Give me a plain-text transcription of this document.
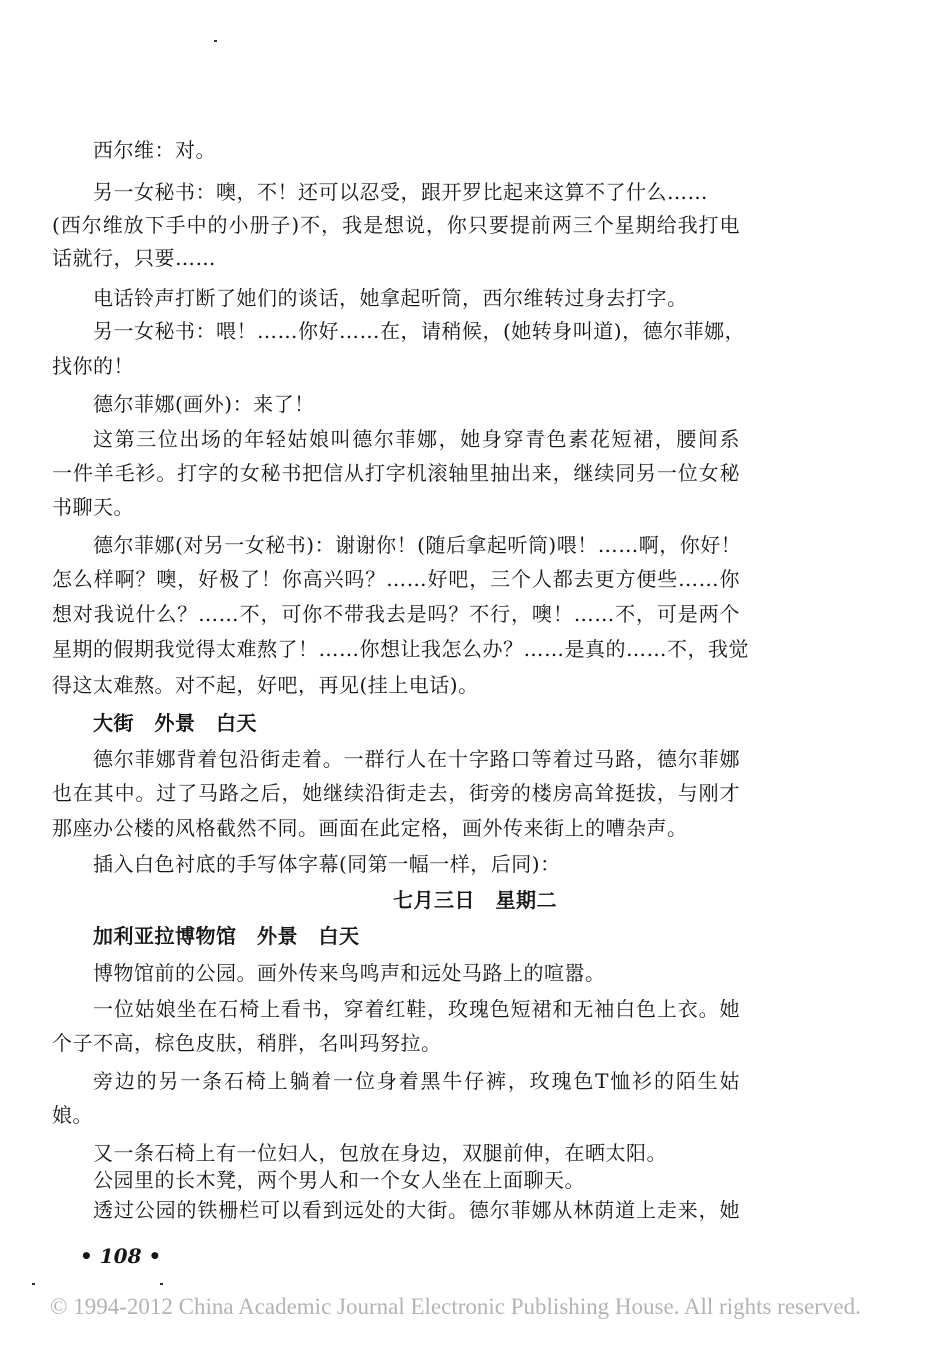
西尔维：对。
另一女秘书：噢，不！还可以忍受，跟开罗比起来这算不了什么……
(西尔维放下手中的小册子)不，我是想说，你只要提前两三个星期给我打电
话就行，只要……
电话铃声打断了她们的谈话，她拿起听筒，西尔维转过身去打字。
另一女秘书：喂！……你好……在，请稍候，(她转身叫道)，德尔菲娜，
找你的！
德尔菲娜(画外)：来了！
这第三位出场的年轻姑娘叫德尔菲娜，她身穿青色素花短裙，腰间系
一件羊毛衫。打字的女秘书把信从打字机滚轴里抽出来，继续同另一位女秘
书聊天。
德尔菲娜(对另一女秘书)：谢谢你！(随后拿起听筒)喂！……啊，你好！
怎么样啊？噢，好极了！你高兴吗？……好吧，三个人都去更方便些……你
想对我说什么？……不，可你不带我去是吗？不行，噢！……不，可是两个
星期的假期我觉得太难熬了！……你想让我怎么办？……是真的……不，我觉
得这太难熬。对不起，好吧，再见(挂上电话)。
大街　外景　白天
德尔菲娜背着包沿街走着。一群行人在十字路口等着过马路，德尔菲娜
也在其中。过了马路之后，她继续沿街走去，街旁的楼房高耸挺拔，与刚才
那座办公楼的风格截然不同。画面在此定格，画外传来街上的嘈杂声。
插入白色衬底的手写体字幕(同第一幅一样，后同)：
七月三日　星期二
加利亚拉博物馆　外景　白天
博物馆前的公园。画外传来鸟鸣声和远处马路上的喧嚣。
一位姑娘坐在石椅上看书，穿着红鞋，玫瑰色短裙和无袖白色上衣。她
个子不高，棕色皮肤，稍胖，名叫玛努拉。
旁边的另一条石椅上躺着一位身着黑牛仔裤，玫瑰色T恤衫的陌生姑
娘。
又一条石椅上有一位妇人，包放在身边，双腿前伸，在晒太阳。
公园里的长木凳，两个男人和一个女人坐在上面聊天。
透过公园的铁栅栏可以看到远处的大街。德尔菲娜从林荫道上走来，她
• 108 •
© 1994-2012 China Academic Journal Electronic Publishing House. All rights reserved.
